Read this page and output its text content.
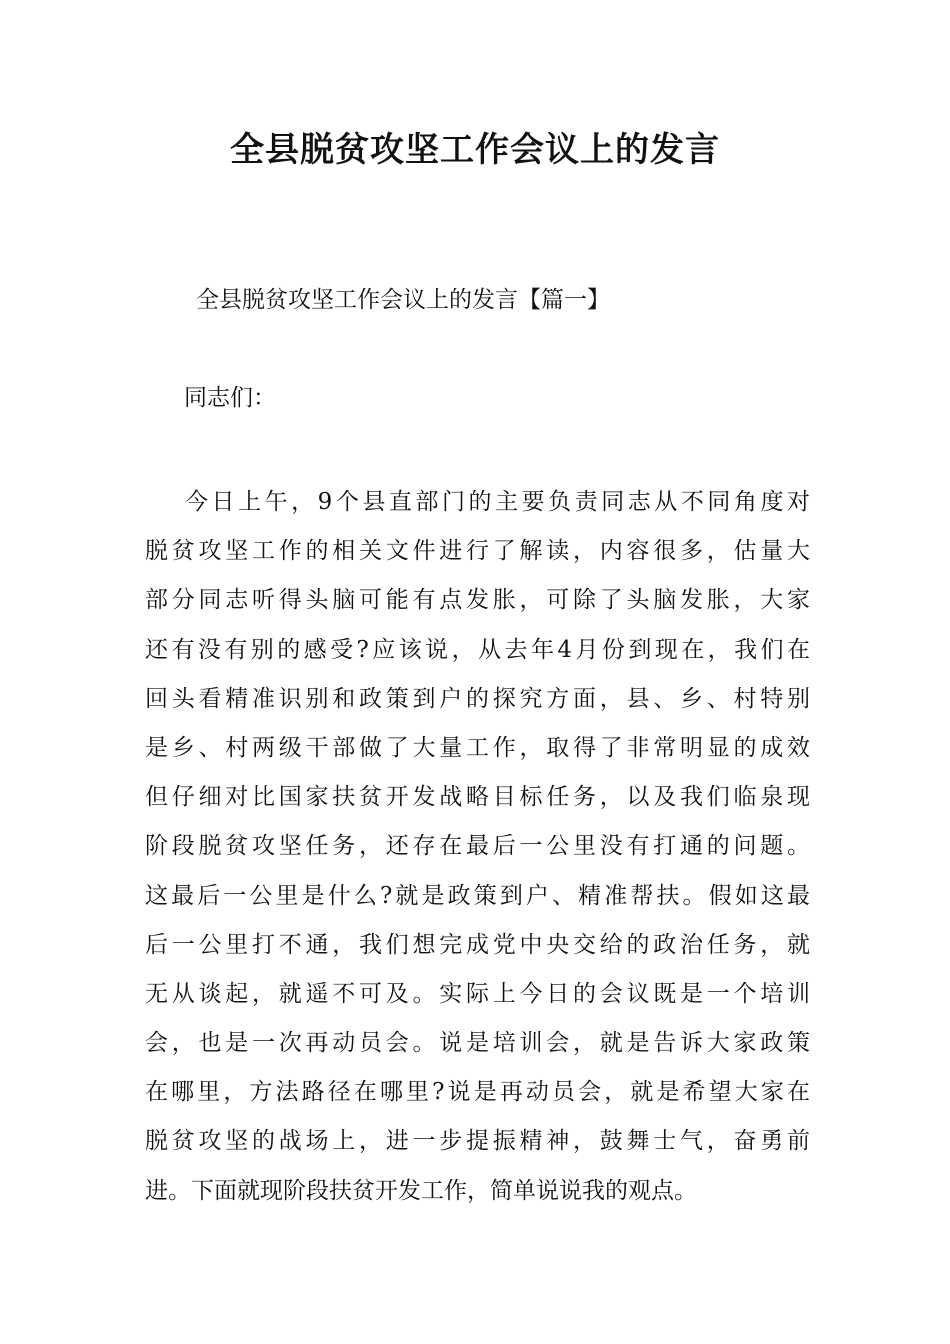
全县脱贫攻坚工作会议上的发言

全县脱贫攻坚工作会议上的发言【篇一】

同志们：

今日上午，9个县直部门的主要负责同志从不同角度对
脱贫攻坚工作的相关文件进行了解读，内容很多，估量大
部分同志听得头脑可能有点发胀，可除了头脑发胀，大家
还有没有别的感受?应该说，从去年4月份到现在，我们在
回头看精准识别和政策到户的探究方面，县、乡、村特别
是乡、村两级干部做了大量工作，取得了非常明显的成效
但仔细对比国家扶贫开发战略目标任务，以及我们临泉现
阶段脱贫攻坚任务，还存在最后一公里没有打通的问题。
这最后一公里是什么?就是政策到户、精准帮扶。假如这最
后一公里打不通，我们想完成党中央交给的政治任务，就
无从谈起，就遥不可及。实际上今日的会议既是一个培训
会，也是一次再动员会。说是培训会，就是告诉大家政策
在哪里，方法路径在哪里?说是再动员会，就是希望大家在
脱贫攻坚的战场上，进一步提振精神，鼓舞士气，奋勇前
进。下面就现阶段扶贫开发工作，简单说说我的观点。
